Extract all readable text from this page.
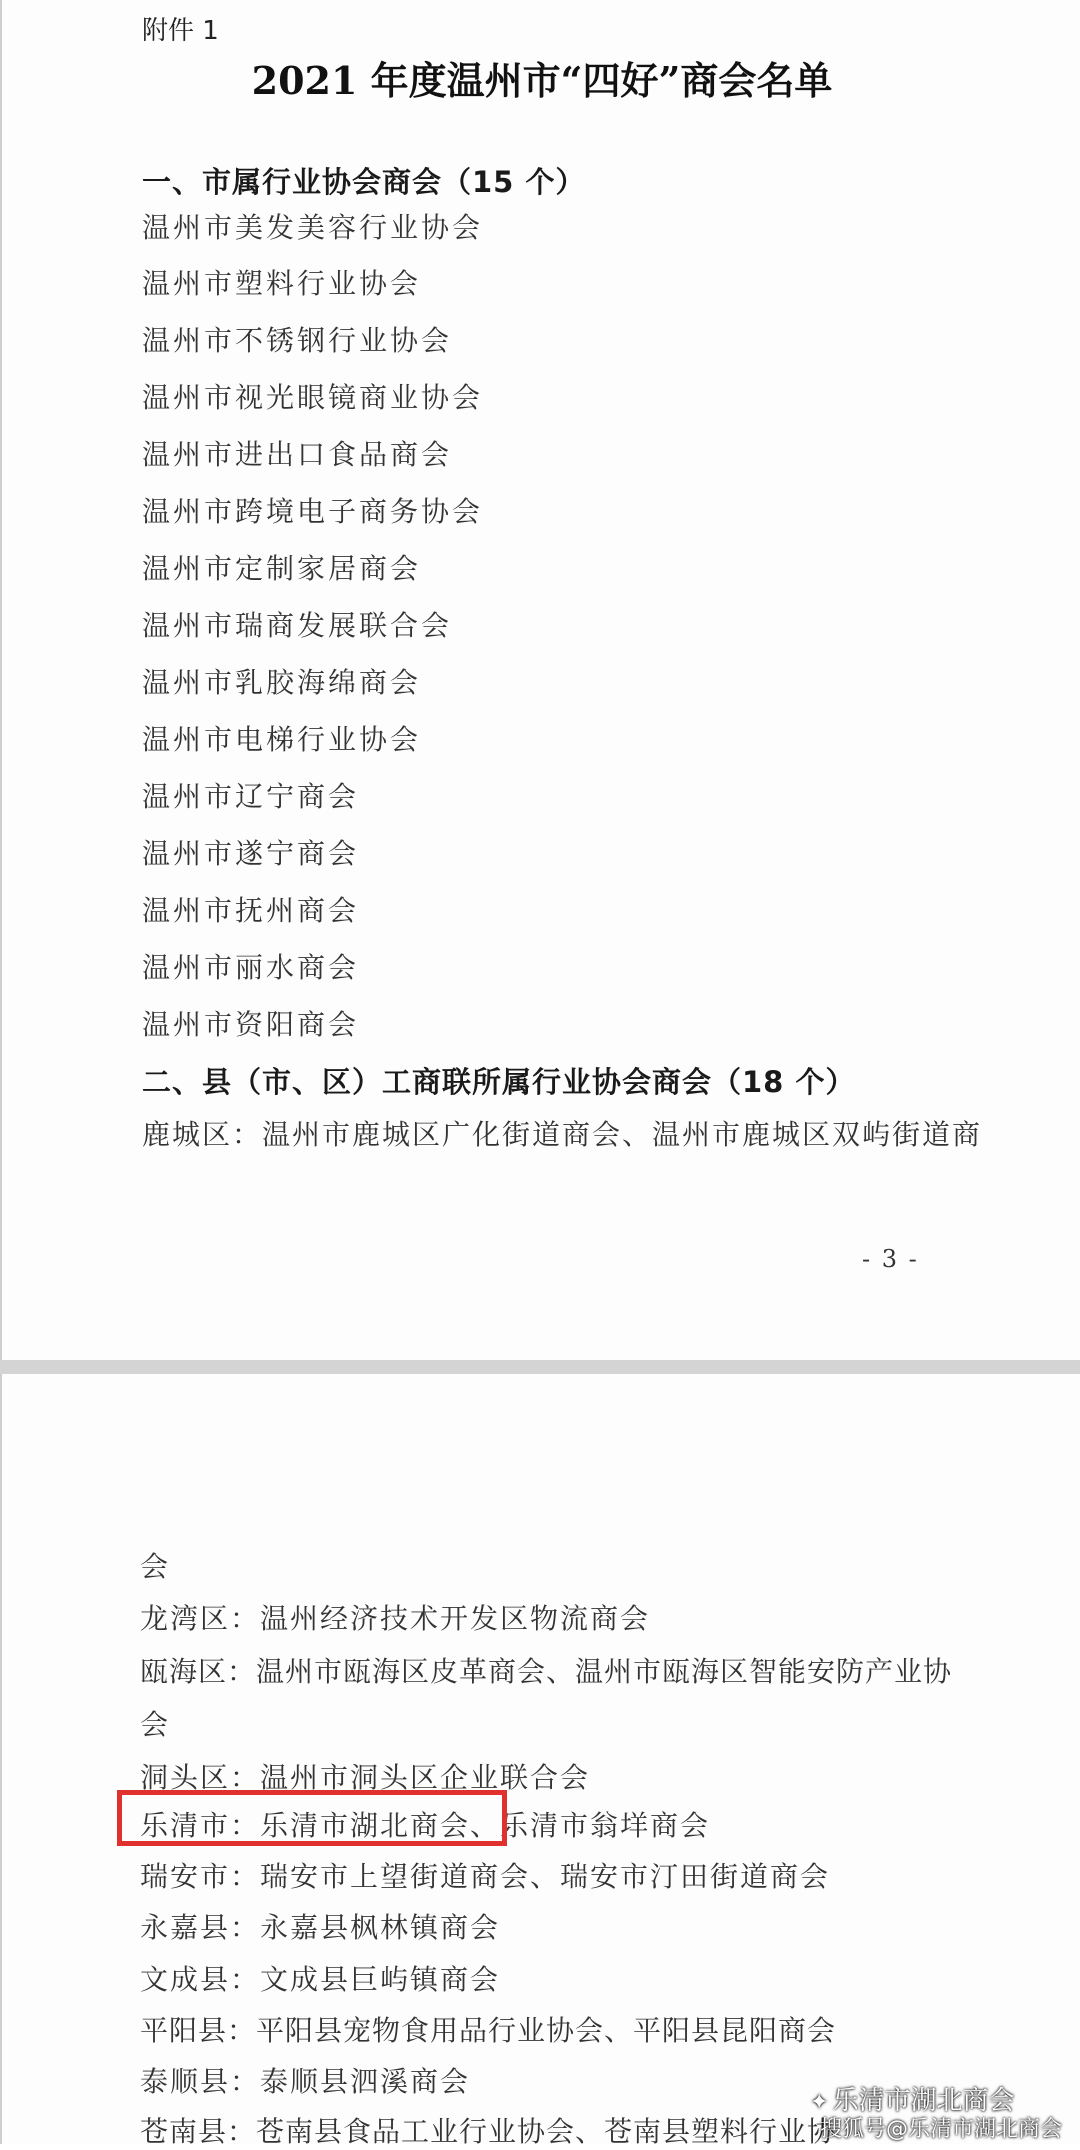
附件 1
2021 年度温州市“四好”商会名单
一、市属行业协会商会（15 个）
温州市美发美容行业协会
温州市塑料行业协会
温州市不锈钢行业协会
温州市视光眼镜商业协会
温州市进出口食品商会
温州市跨境电子商务协会
温州市定制家居商会
温州市瑞商发展联合会
温州市乳胶海绵商会
温州市电梯行业协会
温州市辽宁商会
温州市遂宁商会
温州市抚州商会
温州市丽水商会
温州市资阳商会
二、县（市、区）工商联所属行业协会商会（18 个）
鹿城区：温州市鹿城区广化街道商会、温州市鹿城区双屿街道商
- 3 -
会
龙湾区：温州经济技术开发区物流商会
瓯海区：温州市瓯海区皮革商会、温州市瓯海区智能安防产业协
会
洞头区：温州市洞头区企业联合会
乐清市：乐清市湖北商会、乐清市翁垟商会
瑞安市：瑞安市上望街道商会、瑞安市汀田街道商会
永嘉县：永嘉县枫林镇商会
文成县：文成县巨屿镇商会
平阳县：平阳县宠物食用品行业协会、平阳县昆阳商会
泰顺县：泰顺县泗溪商会
苍南县：苍南县食品工业行业协会、苍南县塑料行业协
✦ 乐清市湖北商会
搜狐号@乐清市湖北商会
